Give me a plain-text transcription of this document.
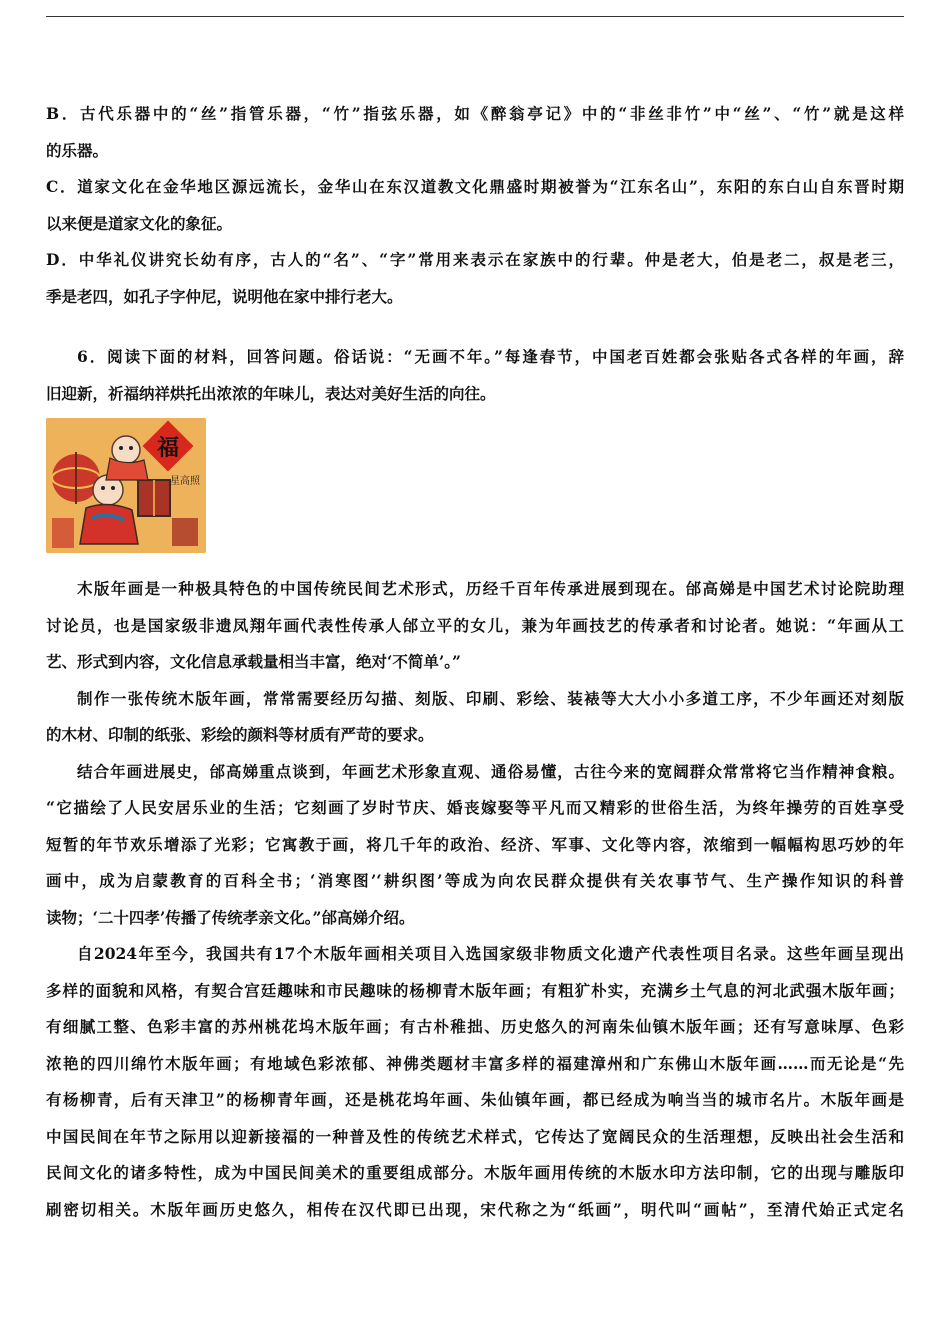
B．古代乐器中的“丝”指管乐器，“竹”指弦乐器，如《醉翁亭记》中的“非丝非竹”中“丝”、“竹”就是这样
的乐器。
C．道家文化在金华地区源远流长，金华山在东汉道教文化鼎盛时期被誉为“江东名山”，东阳的东白山自东晋时期
以来便是道家文化的象征。
D．中华礼仪讲究长幼有序，古人的“名”、“字”常用来表示在家族中的行辈。仲是老大，伯是老二，叔是老三，
季是老四，如孔子字仲尼，说明他在家中排行老大。
6．阅读下面的材料，回答问题。俗话说：“无画不年。”每逢春节，中国老百姓都会张贴各式各样的年画，辞
旧迎新，祈福纳祥烘托出浓浓的年味儿，表达对美好生活的向往。
福
星高照
木版年画是一种极具特色的中国传统民间艺术形式，历经千百年传承进展到现在。邰高娣是中国艺术讨论院助理
讨论员，也是国家级非遗凤翔年画代表性传承人邰立平的女儿，兼为年画技艺的传承者和讨论者。她说：“年画从工
艺、形式到内容，文化信息承载量相当丰富，绝对‘不简单’。”
制作一张传统木版年画，常常需要经历勾描、刻版、印刷、彩绘、装裱等大大小小多道工序，不少年画还对刻版
的木材、印制的纸张、彩绘的颜料等材质有严苛的要求。
结合年画进展史，邰高娣重点谈到，年画艺术形象直观、通俗易懂，古往今来的宽阔群众常常将它当作精神食粮。
“它描绘了人民安居乐业的生活；它刻画了岁时节庆、婚丧嫁娶等平凡而又精彩的世俗生活，为终年操劳的百姓享受
短暂的年节欢乐增添了光彩；它寓教于画，将几千年的政治、经济、军事、文化等内容，浓缩到一幅幅构思巧妙的年
画中，成为启蒙教育的百科全书；‘消寒图’‘耕织图’等成为向农民群众提供有关农事节气、生产操作知识的科普
读物；‘二十四孝’传播了传统孝亲文化。”邰高娣介绍。
自2024年至今，我国共有17个木版年画相关项目入选国家级非物质文化遗产代表性项目名录。这些年画呈现出
多样的面貌和风格，有契合宫廷趣味和市民趣味的杨柳青木版年画；有粗犷朴实，充满乡土气息的河北武强木版年画；
有细腻工整、色彩丰富的苏州桃花坞木版年画；有古朴稚拙、历史悠久的河南朱仙镇木版年画；还有写意味厚、色彩
浓艳的四川绵竹木版年画；有地域色彩浓郁、神佛类题材丰富多样的福建漳州和广东佛山木版年画……而无论是“先
有杨柳青，后有天津卫”的杨柳青年画，还是桃花坞年画、朱仙镇年画，都已经成为响当当的城市名片。木版年画是
中国民间在年节之际用以迎新接福的一种普及性的传统艺术样式，它传达了宽阔民众的生活理想，反映出社会生活和
民间文化的诸多特性，成为中国民间美术的重要组成部分。木版年画用传统的木版水印方法印制，它的出现与雕版印
刷密切相关。木版年画历史悠久，相传在汉代即已出现，宋代称之为“纸画”，明代叫“画帖”，至清代始正式定名
